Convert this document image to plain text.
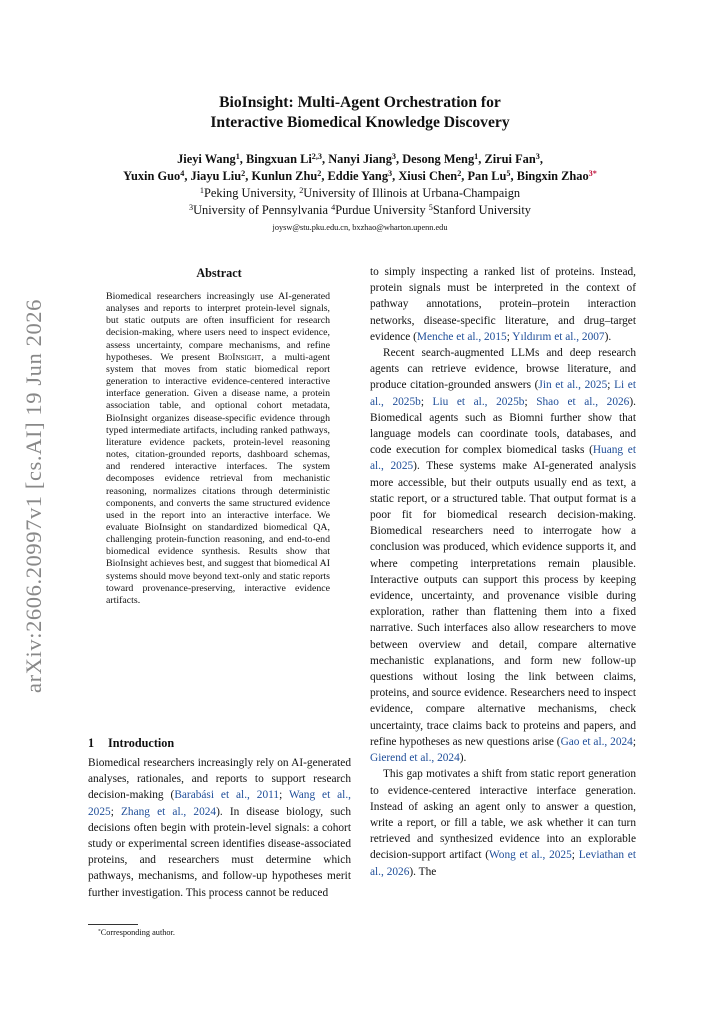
arXiv:2606.20997v1 [cs.AI] 19 Jun 2026
BioInsight: Multi-Agent Orchestration for
Interactive Biomedical Knowledge Discovery
Jieyi Wang$^1$, Bingxuan Li$^{2,3}$, Nanyi Jiang$^3$, Desong Meng$^1$, Zirui Fan$^3$,
Yuxin Guo$^4$, Jiayu Liu$^2$, Kunlun Zhu$^2$, Eddie Yang$^3$, Xiusi Chen$^2$, Pan Lu$^5$, Bingxin Zhao$^{3*}$
$^1$Peking University, $^2$University of Illinois at Urbana-Champaign
$^3$University of Pennsylvania $^4$Purdue University $^5$Stanford University
joysw@stu.pku.edu.cn, bxzhao@wharton.upenn.edu
Abstract
Biomedical researchers increasingly use AI-generated analyses and reports to interpret protein-level signals, but static outputs are often insufficient for research decision-making, where users need to inspect evidence, assess uncertainty, compare mechanisms, and refine hypotheses. We present BioInsight, a multi-agent system that moves from static biomedical report generation to interactive evidence-centered interactive interface generation. Given a disease name, a protein association table, and optional cohort metadata, BioInsight organizes disease-specific evidence through typed intermediate artifacts, including ranked pathways, literature evidence packets, protein-level reasoning notes, citation-grounded reports, dashboard schemas, and rendered interactive interfaces. The system decomposes evidence retrieval from mechanistic reasoning, normalizes citations through deterministic components, and converts the same structured evidence used in the report into an interactive interface. We evaluate BioInsight on standardized biomedical QA, challenging protein-function reasoning, and end-to-end biomedical evidence synthesis. Results show that BioInsight achieves best, and suggest that biomedical AI systems should move beyond text-only and static reports toward provenance-preserving, interactive evidence artifacts.
1 Introduction
Biomedical researchers increasingly rely on AI-generated analyses, rationales, and reports to support research decision-making (Barabási et al., 2011; Wang et al., 2025; Zhang et al., 2024). In disease biology, such decisions often begin with protein-level signals: a cohort study or experimental screen identifies disease-associated proteins, and researchers must determine which pathways, mechanisms, and follow-up hypotheses merit further investigation. This process cannot be reduced

to simply inspecting a ranked list of proteins. Instead, protein signals must be interpreted in the context of pathway annotations, protein–protein interaction networks, disease-specific literature, and drug–target evidence (Menche et al., 2015; Yıldırım et al., 2007).

Recent search-augmented LLMs and deep research agents can retrieve evidence, browse literature, and produce citation-grounded answers (Jin et al., 2025; Li et al., 2025b; Liu et al., 2025b; Shao et al., 2026). Biomedical agents such as Biomni further show that language models can coordinate tools, databases, and code execution for complex biomedical tasks (Huang et al., 2025). These systems make AI-generated analysis more accessible, but their outputs usually end as text, a static report, or a structured table. That output format is a poor fit for biomedical research decision-making. Biomedical researchers need to interrogate how a conclusion was produced, which evidence supports it, and where competing interpretations remain plausible. Interactive outputs can support this process by keeping evidence, uncertainty, and provenance visible during exploration, rather than flattening them into a fixed narrative. Such interfaces also allow researchers to move between overview and detail, compare alternative mechanistic explanations, and form new follow-up questions without losing the link between claims, proteins, and source evidence. Researchers need to inspect evidence, compare alternative mechanisms, check uncertainty, trace claims back to proteins and papers, and refine hypotheses as new questions arise (Gao et al., 2024; Gierend et al., 2024).

This gap motivates a shift from static report generation to evidence-centered interactive interface generation. Instead of asking an agent only to answer a question, write a report, or fill a table, we ask whether it can turn retrieved and synthesized evidence into an explorable decision-support artifact (Wong et al., 2025; Leviathan et al., 2026). The

*Corresponding author.
